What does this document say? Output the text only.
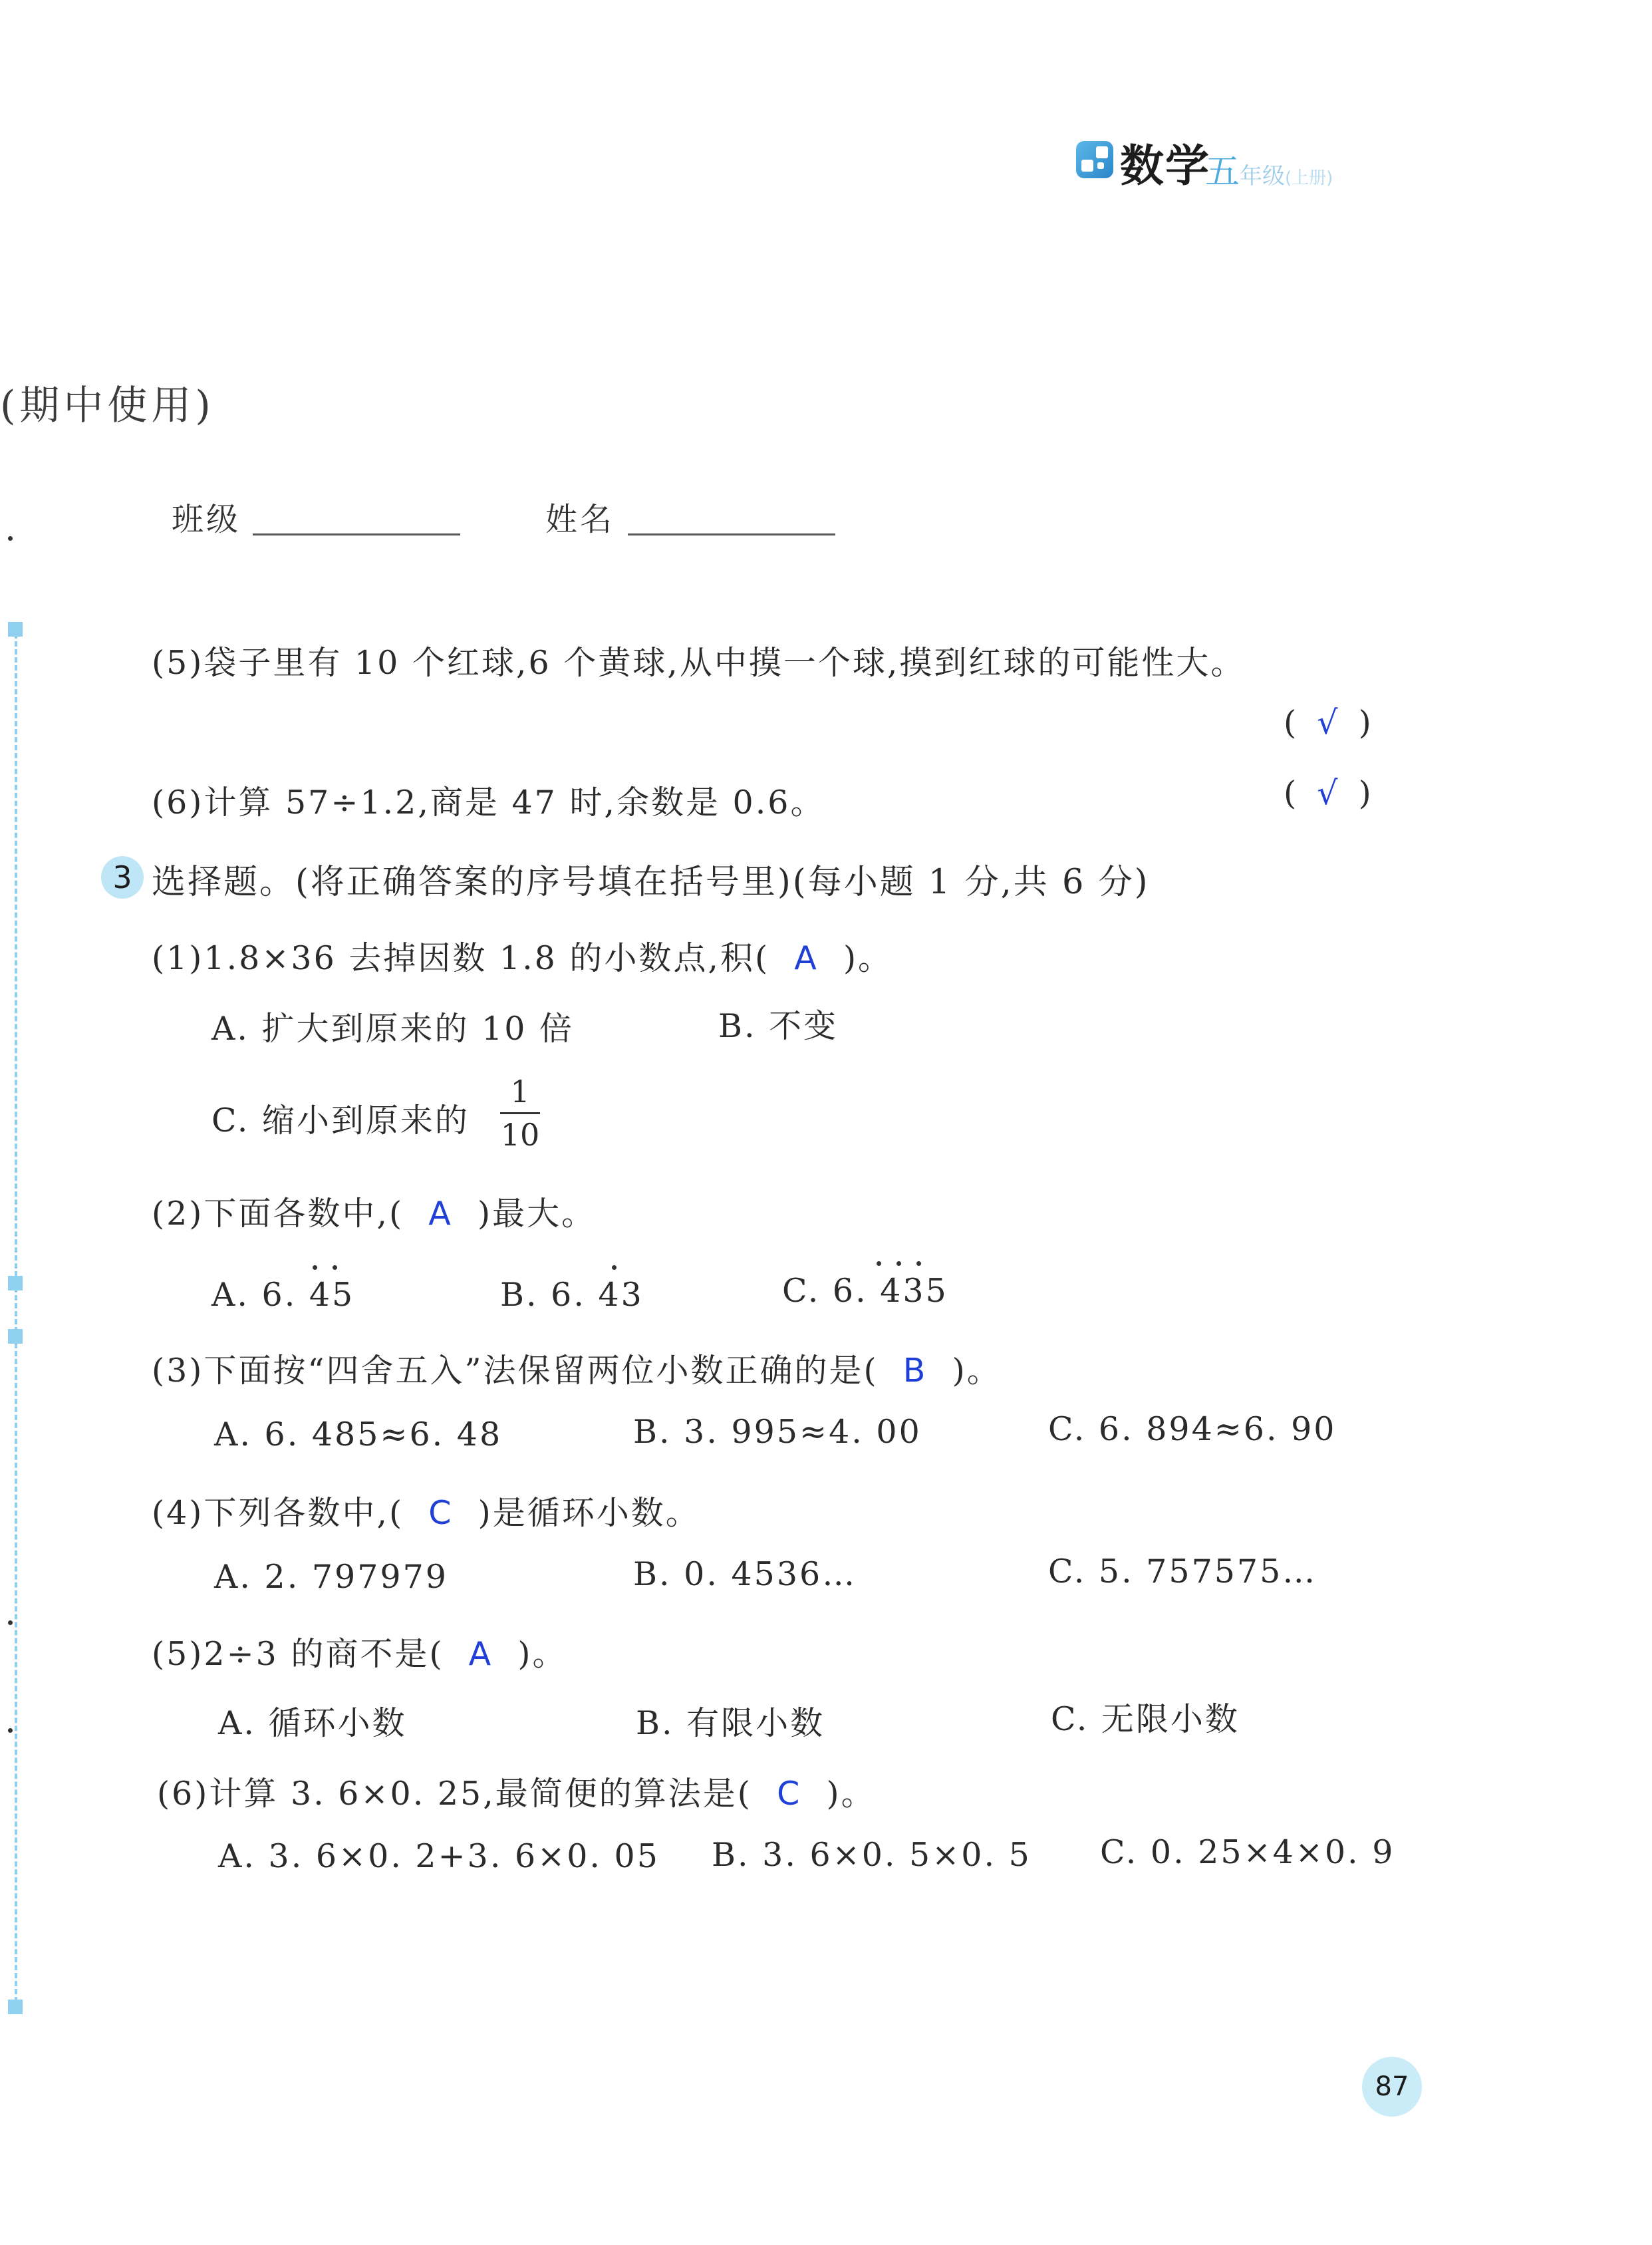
数学
五年级(上册)
(期中使用)
班级	姓名
(5)袋子里有 10 个红球,6 个黄球,从中摸一个球,摸到红球的可能性大。
(  √  )
(6)计算 57÷1.2,商是 47 时,余数是 0.6。	(  √  )
3 选择题。(将正确答案的序号填在括号里)(每小题 1 分,共 6 分)
(1)1.8×36 去掉因数 1.8 的小数点,积( A )。
A. 扩大到原来的 10 倍	B. 不变
C. 缩小到原来的
1
10
(2)下面各数中,( A )最大。
A. 6. 45	B. 6. 43	C. 6. 435
(3)下面按“四舍五入”法保留两位小数正确的是( B )。
A. 6. 485≈6. 48	B. 3. 995≈4. 00	C. 6. 894≈6. 90
(4)下列各数中,( C )是循环小数。
A. 2. 797979	B. 0. 4536…	C. 5. 757575…
(5)2÷3 的商不是( A )。
A. 循环小数	B. 有限小数	C. 无限小数
(6)计算 3. 6×0. 25,最简便的算法是( C )。
A. 3. 6×0. 2+3. 6×0. 05 B. 3. 6×0. 5×0. 5 C. 0. 25×4×0. 9
87
